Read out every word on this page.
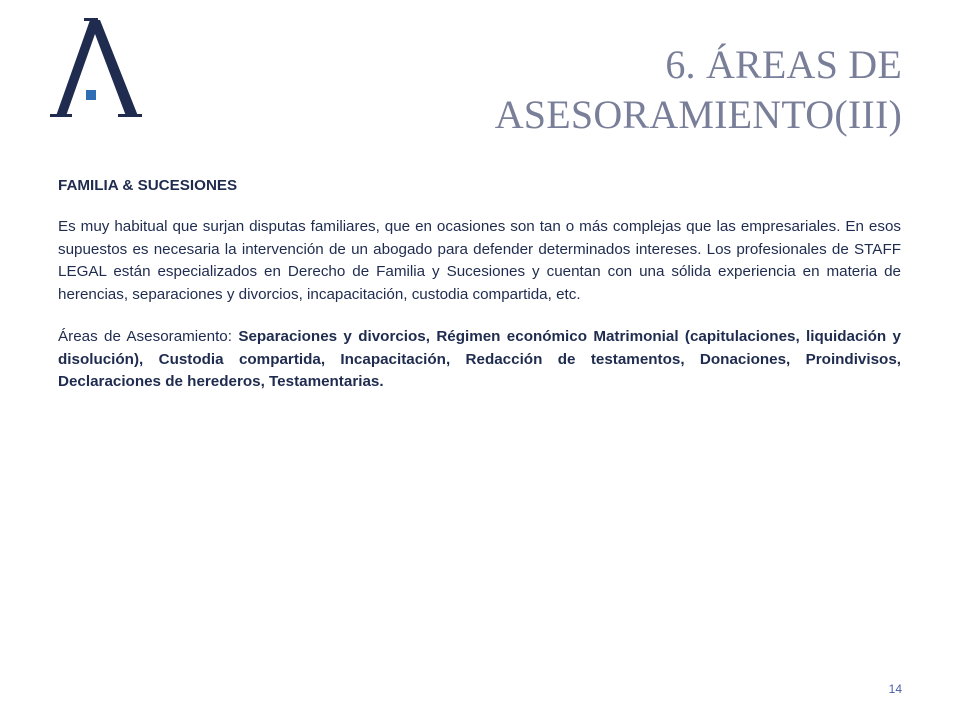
6. ÁREAS DE
ASESORAMIENTO(III)

FAMILIA & SUCESIONES

Es muy habitual que surjan disputas familiares, que en ocasiones son tan o más complejas que las empresariales. En esos supuestos es necesaria la intervención de un abogado para defender determinados intereses. Los profesionales de STAFF LEGAL están especializados en Derecho de Familia y Sucesiones y cuentan con una sólida experiencia en materia de herencias, separaciones y divorcios, incapacitación, custodia compartida, etc.

Áreas de Asesoramiento: Separaciones y divorcios, Régimen económico Matrimonial (capitulaciones, liquidación y disolución), Custodia compartida, Incapacitación, Redacción de testamentos, Donaciones, Proindivisos, Declaraciones de herederos, Testamentarias.

14
